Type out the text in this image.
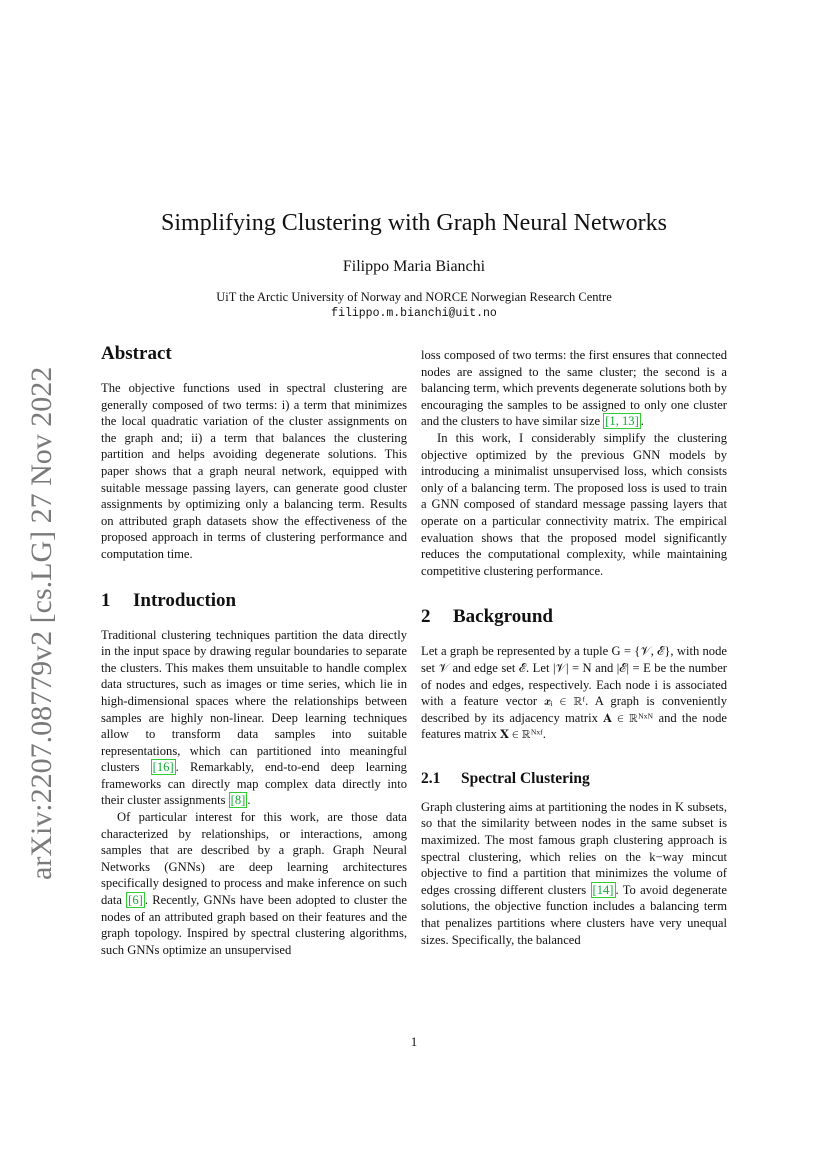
arXiv:2207.08779v2 [cs.LG] 27 Nov 2022
Simplifying Clustering with Graph Neural Networks
Filippo Maria Bianchi
UiT the Arctic University of Norway and NORCE Norwegian Research Centre
filippo.m.bianchi@uit.no
Abstract

The objective functions used in spectral clustering are generally composed of two terms: i) a term that minimizes the local quadratic variation of the cluster assignments on the graph and; ii) a term that balances the clustering partition and helps avoiding degenerate solutions. This paper shows that a graph neural network, equipped with suitable message passing layers, can generate good cluster assignments by optimizing only a balancing term. Results on attributed graph datasets show the effectiveness of the proposed approach in terms of clustering performance and computation time.

1 Introduction

Traditional clustering techniques partition the data directly in the input space by drawing regular boundaries to separate the clusters. This makes them unsuitable to handle complex data structures, such as images or time series, which lie in high-dimensional spaces where the relationships between samples are highly non-linear. Deep learning techniques allow to transform data samples into suitable representations, which can partitioned into meaningful clusters [16] . Remarkably, end-to-end deep learning frameworks can directly map complex data directly into their cluster assignments [8] .

Of particular interest for this work, are those data characterized by relationships, or interactions, among samples that are described by a graph. Graph Neural Networks (GNNs) are deep learning architectures specifically designed to process and make inference on such data [6] . Recently, GNNs have been adopted to cluster the nodes of an attributed graph based on their features and the graph topology. Inspired by spectral clustering algorithms, such GNNs optimize an unsupervised

loss composed of two terms: the first ensures that connected nodes are assigned to the same cluster; the second is a balancing term, which prevents degenerate solutions both by encouraging the samples to be assigned to only one cluster and the clusters to have similar size [1, 13] .

In this work, I considerably simplify the clustering objective optimized by the previous GNN models by introducing a minimalist unsupervised loss, which consists only of a balancing term. The proposed loss is used to train a GNN composed of standard message passing layers that operate on a particular connectivity matrix. The empirical evaluation shows that the proposed model significantly reduces the computational complexity, while maintaining competitive clustering performance.

2 Background

Let a graph be represented by a tuple G = {𝒱, ℰ}, with node set 𝒱 and edge set ℰ. Let |𝒱| = N and |ℰ| = E be the number of nodes and edges, respectively. Each node i is associated with a feature vector 𝒙ᵢ ∈ ℝᶠ. A graph is conveniently described by its adjacency matrix 𝐀 ∈ ℝᴺˣᴺ and the node features matrix 𝐗 ∈ ℝᴺˣᶠ.

2.1 Spectral Clustering

Graph clustering aims at partitioning the nodes in K subsets, so that the similarity between nodes in the same subset is maximized. The most famous graph clustering approach is spectral clustering, which relies on the k−way mincut objective to find a partition that minimizes the volume of edges crossing different clusters [14] . To avoid degenerate solutions, the objective function includes a balancing term that penalizes partitions where clusters have very unequal sizes. Specifically, the balanced

1
